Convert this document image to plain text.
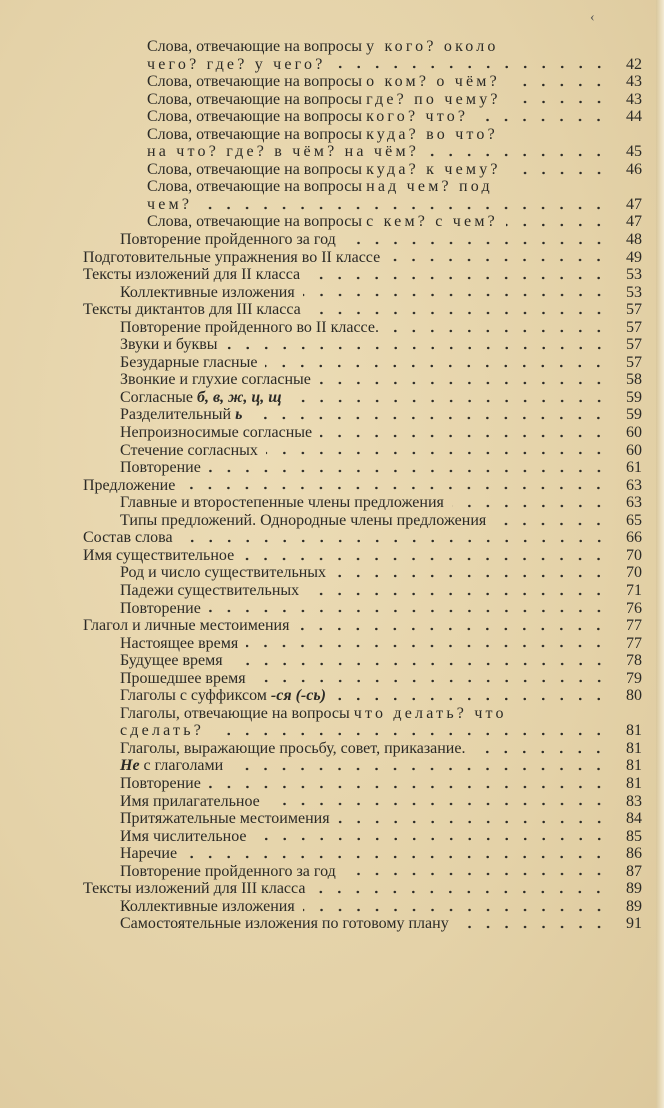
‹
Слова, отвечающие на вопросы у кого? около
чего? где? у чего?	42
Слова, отвечающие на вопросы о ком? о чём?	43
Слова, отвечающие на вопросы где? по чему?	43
Слова, отвечающие на вопросы кого? что?	44
Слова, отвечающие на вопросы куда? во что?
на что? где? в чём? на чём?	45
Слова, отвечающие на вопросы куда? к чему?	46
Слова, отвечающие на вопросы над чем? под
чем?	47
Слова, отвечающие на вопросы с кем? с чем?	47
Повторение пройденного за год	48
Подготовительные упражнения во II классе	49
Тексты изложений для II класса	53
Коллективные изложения	53
Тексты диктантов для III класса	57
Повторение пройденного во II классе.	57
Звуки и буквы	57
Безударные гласные	57
Звонкие и глухие согласные	58
Согласные б, в, ж, ц, щ	59
Разделительный ь	59
Непроизносимые согласные	60
Стечение согласных	60
Повторение	61
Предложение	63
Главные и второстепенные члены предложения	63
Типы предложений. Однородные члены предложения	65
Состав слова	66
Имя существительное	70
Род и число существительных	70
Падежи существительных	71
Повторение	76
Глагол и личные местоимения	77
Настоящее время	77
Будущее время	78
Прошедшее время	79
Глаголы с суффиксом -ся (-сь)	80
Глаголы, отвечающие на вопросы что делать? что
сделать?	81
Глаголы, выражающие просьбу, совет, приказание.	81
Не с глаголами	81
Повторение	81
Имя прилагательное	83
Притяжательные местоимения	84
Имя числительное	85
Наречие	86
Повторение пройденного за год	87
Тексты изложений для III класса	89
Коллективные изложения	89
Самостоятельные изложения по готовому плану	91
